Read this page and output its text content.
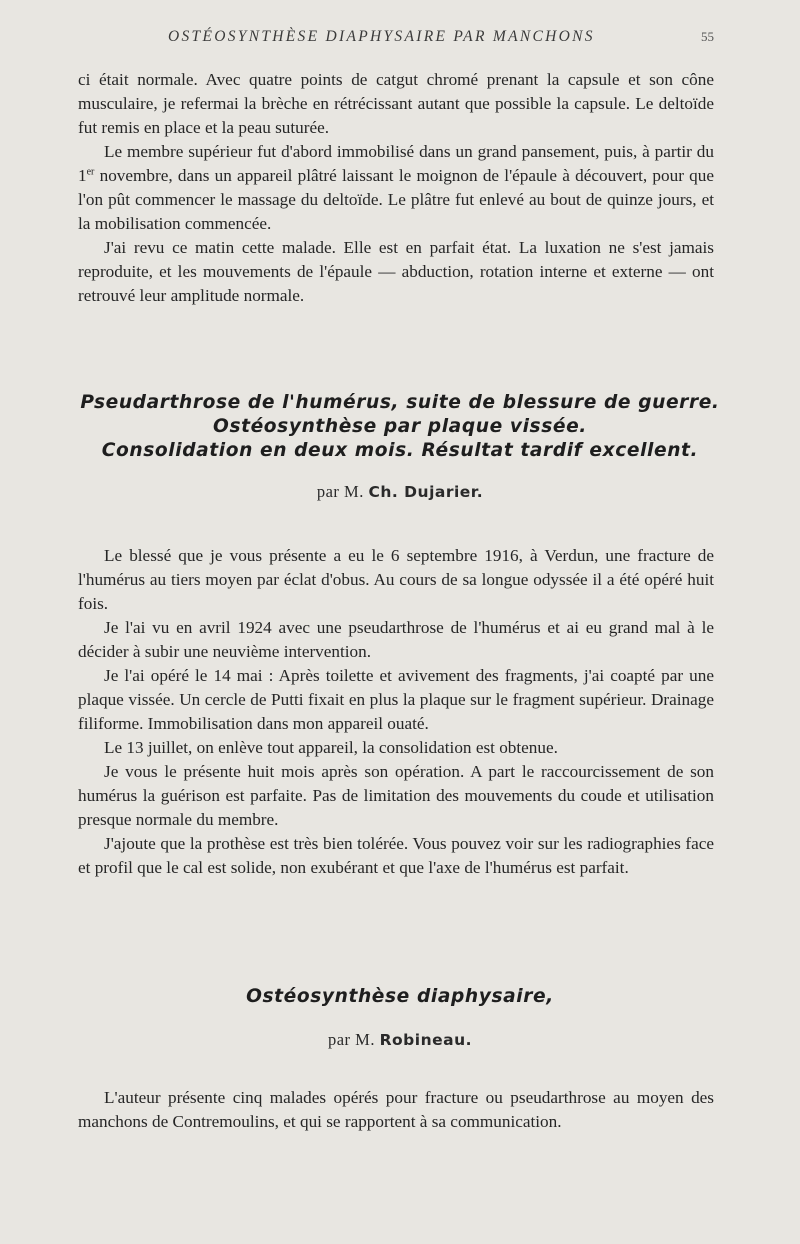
OSTÉOSYNTHÈSE DIAPHYSAIRE PAR MANCHONS	55

ci était normale. Avec quatre points de catgut chromé prenant la capsule et son cône musculaire, je refermai la brèche en rétrécissant autant que possible la capsule. Le deltoïde fut remis en place et la peau suturée.

Le membre supérieur fut d'abord immobilisé dans un grand pansement, puis, à partir du 1er novembre, dans un appareil plâtré laissant le moignon de l'épaule à découvert, pour que l'on pût commencer le massage du deltoïde. Le plâtre fut enlevé au bout de quinze jours, et la mobilisation commencée.

J'ai revu ce matin cette malade. Elle est en parfait état. La luxation ne s'est jamais reproduite, et les mouvements de l'épaule — abduction, rotation interne et externe — ont retrouvé leur amplitude normale.

Pseudarthrose de l'humérus, suite de blessure de guerre.
Ostéosynthèse par plaque vissée.
Consolidation en deux mois. Résultat tardif excellent.

par M. Ch. Dujarier.

Le blessé que je vous présente a eu le 6 septembre 1916, à Verdun, une fracture de l'humérus au tiers moyen par éclat d'obus. Au cours de sa longue odyssée il a été opéré huit fois.

Je l'ai vu en avril 1924 avec une pseudarthrose de l'humérus et ai eu grand mal à le décider à subir une neuvième intervention.

Je l'ai opéré le 14 mai : Après toilette et avivement des fragments, j'ai coapté par une plaque vissée. Un cercle de Putti fixait en plus la plaque sur le fragment supérieur. Drainage filiforme. Immobilisation dans mon appareil ouaté.

Le 13 juillet, on enlève tout appareil, la consolidation est obtenue.

Je vous le présente huit mois après son opération. A part le raccourcissement de son humérus la guérison est parfaite. Pas de limitation des mouvements du coude et utilisation presque normale du membre.

J'ajoute que la prothèse est très bien tolérée. Vous pouvez voir sur les radiographies face et profil que le cal est solide, non exubérant et que l'axe de l'humérus est parfait.

Ostéosynthèse diaphysaire,

par M. Robineau.

L'auteur présente cinq malades opérés pour fracture ou pseudarthrose au moyen des manchons de Contremoulins, et qui se rapportent à sa communication.
